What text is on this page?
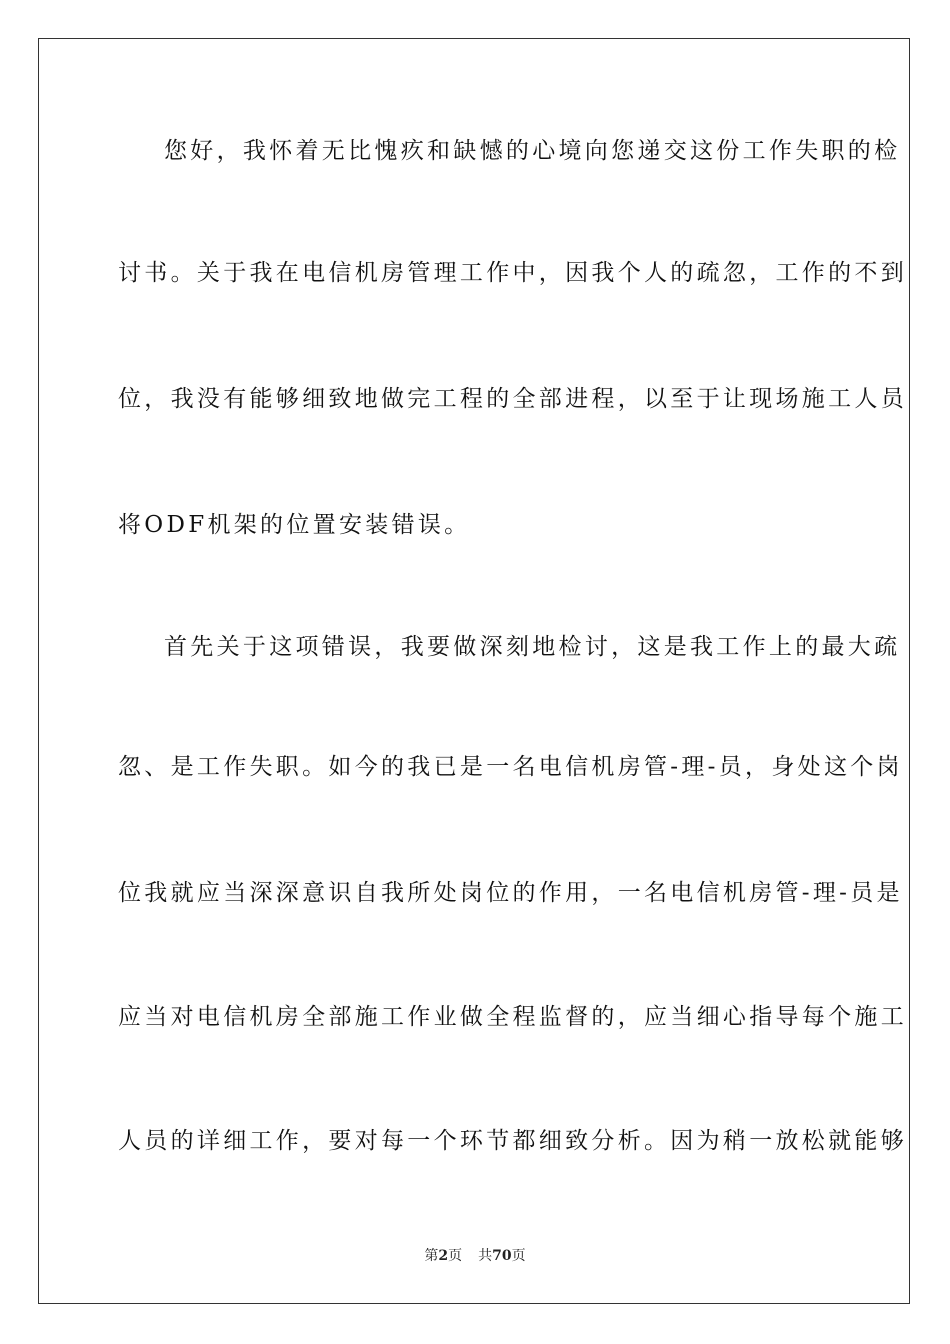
您好，我怀着无比愧疚和缺憾的心境向您递交这份工作失职的检
讨书。关于我在电信机房管理工作中，因我个人的疏忽，工作的不到
位，我没有能够细致地做完工程的全部进程，以至于让现场施工人员
将ODF机架的位置安装错误。
首先关于这项错误，我要做深刻地检讨，这是我工作上的最大疏
忽、是工作失职。如今的我已是一名电信机房管-理-员，身处这个岗
位我就应当深深意识自我所处岗位的作用，一名电信机房管-理-员是
应当对电信机房全部施工作业做全程监督的，应当细心指导每个施工
人员的详细工作，要对每一个环节都细致分析。因为稍一放松就能够
第2页 共70页
